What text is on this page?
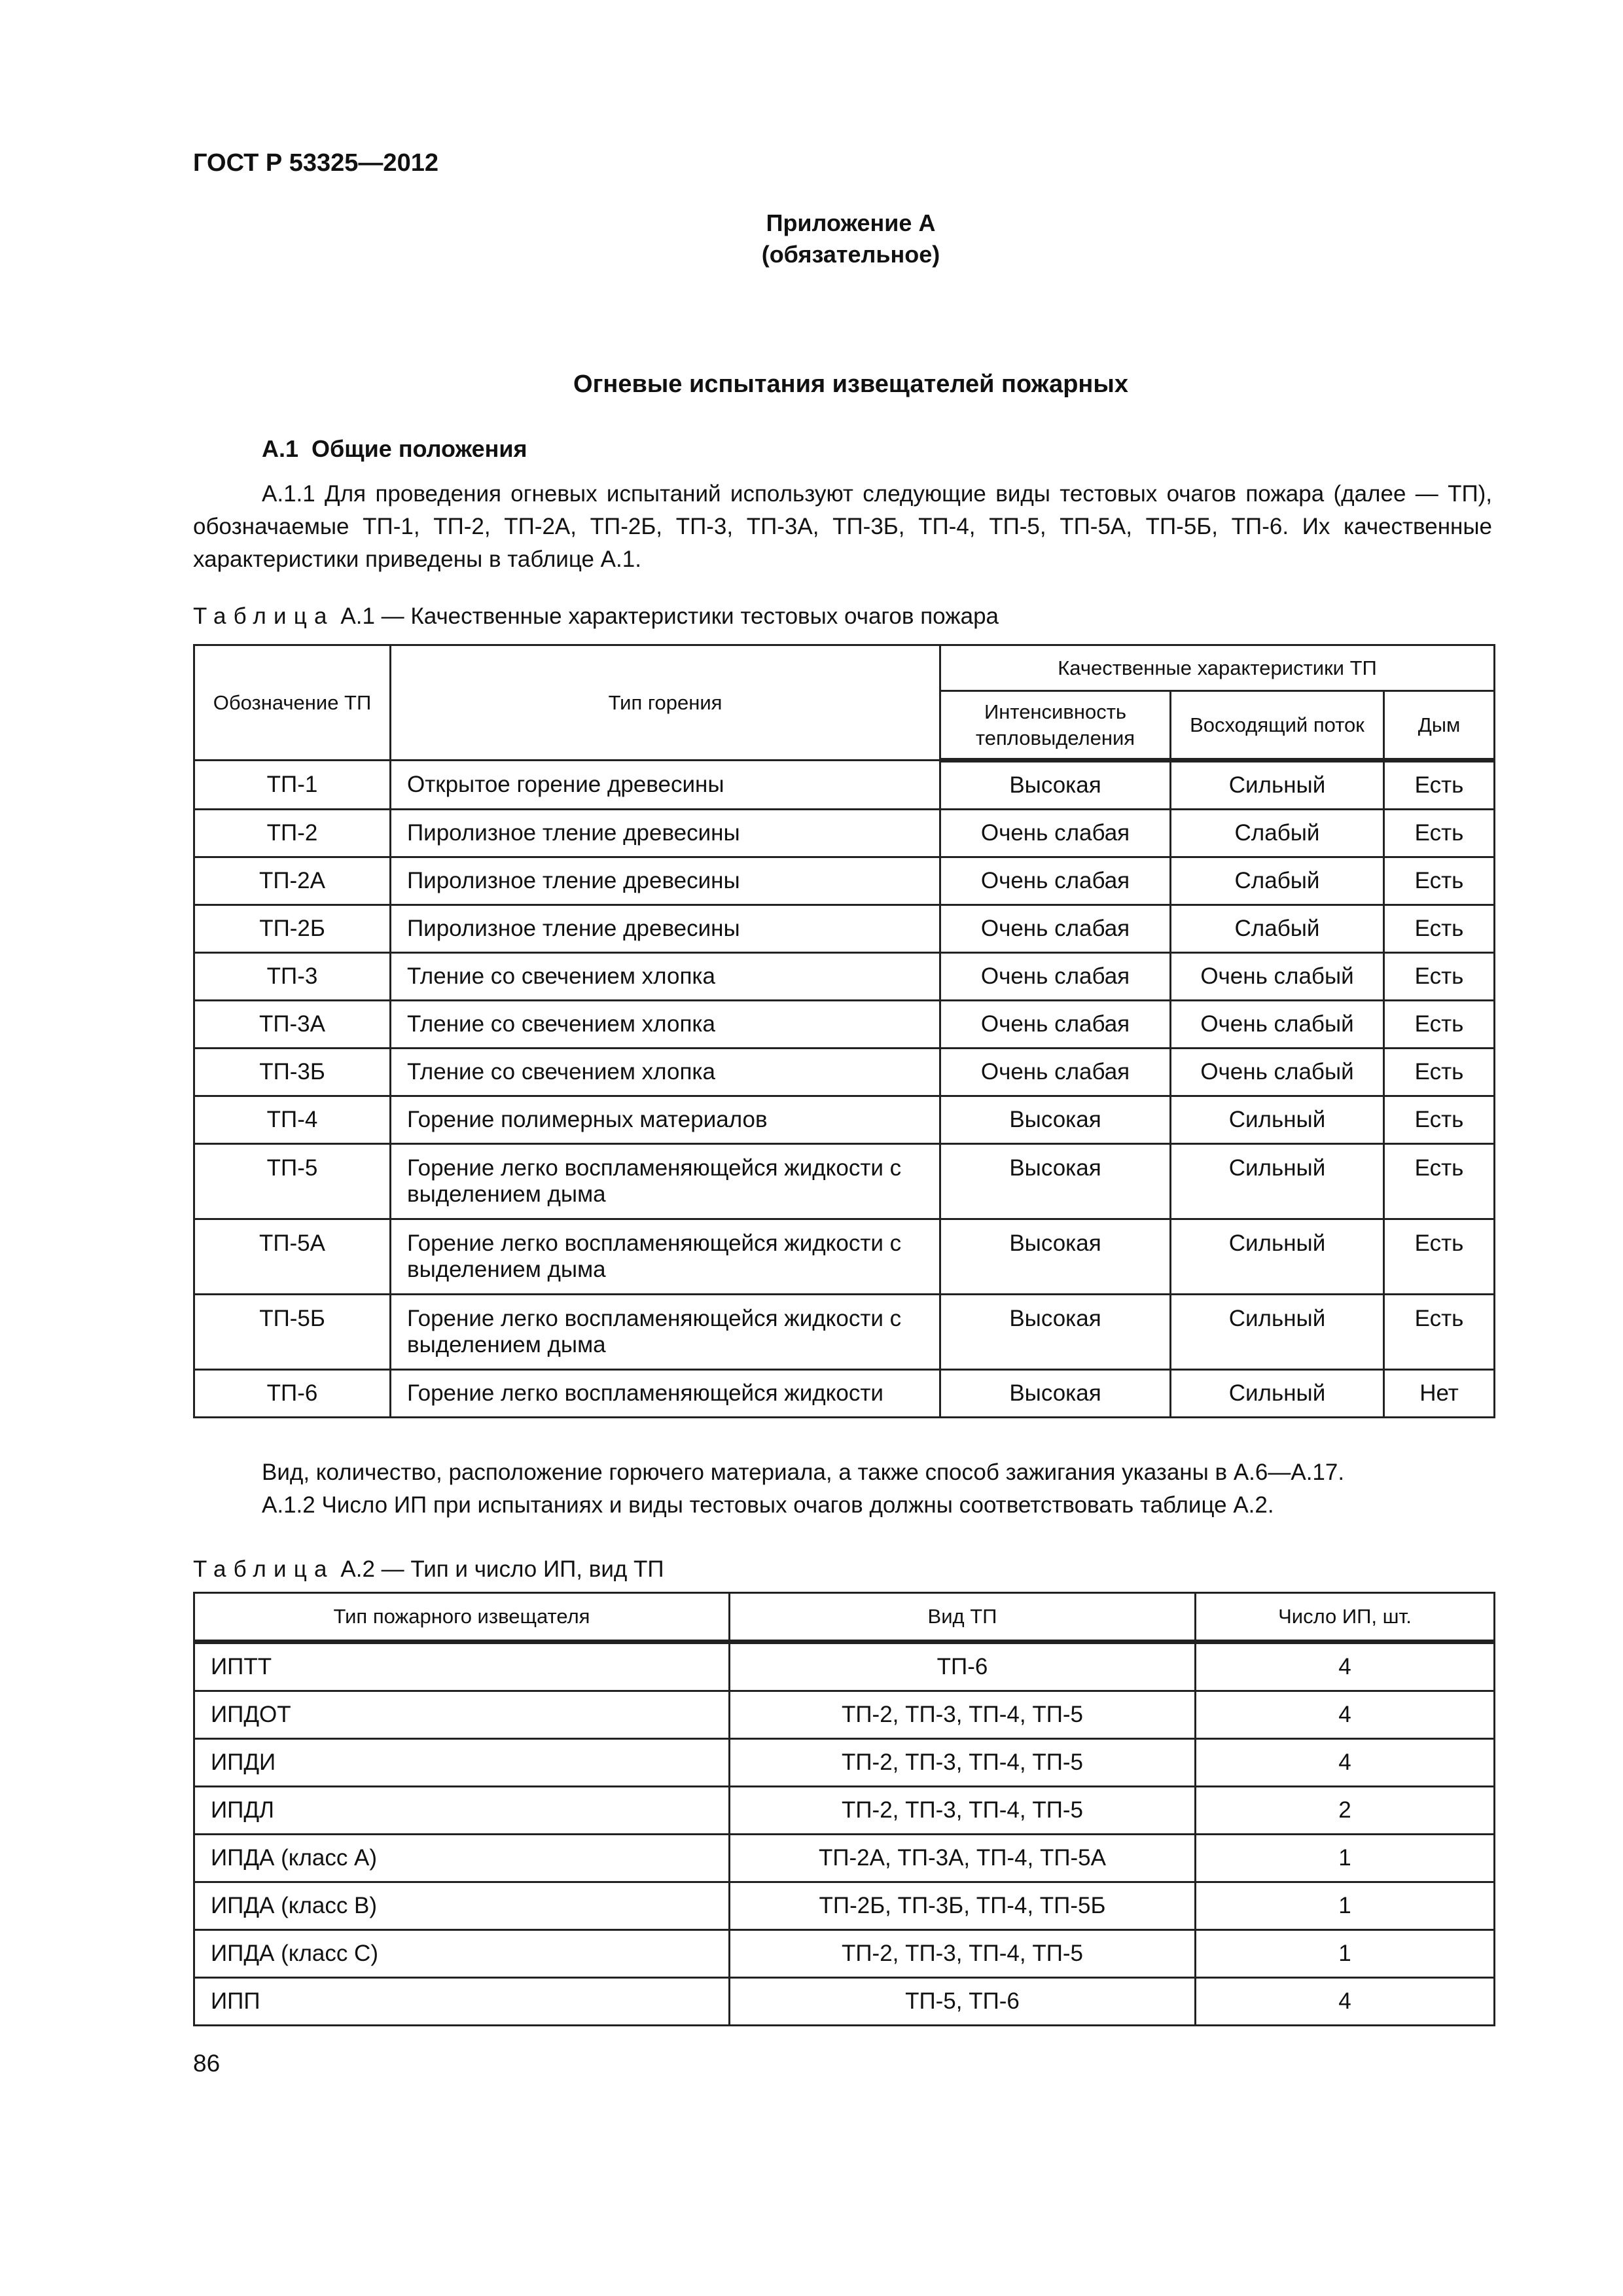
ГОСТ Р 53325—2012
Приложение А
(обязательное)
Огневые испытания извещателей пожарных
А.1 Общие положения
А.1.1 Для проведения огневых испытаний используют следующие виды тестовых очагов пожара (далее — ТП), обозначаемые ТП-1, ТП-2, ТП-2А, ТП-2Б, ТП-3, ТП-3А, ТП-3Б, ТП-4, ТП-5, ТП-5А, ТП-5Б, ТП-6. Их качественные характеристики приведены в таблице А.1.
Таблица А.1 — Качественные характеристики тестовых очагов пожара
Обозначение ТП	Тип горения	Качественные характеристики ТП		
		Интенсивность тепловыделения	Восходящий поток	Дым
ТП-1	Открытое горение древесины	Высокая	Сильный	Есть
ТП-2	Пиролизное тление древесины	Очень слабая	Слабый	Есть
ТП-2А	Пиролизное тление древесины	Очень слабая	Слабый	Есть
ТП-2Б	Пиролизное тление древесины	Очень слабая	Слабый	Есть
ТП-3	Тление со свечением хлопка	Очень слабая	Очень слабый	Есть
ТП-3А	Тление со свечением хлопка	Очень слабая	Очень слабый	Есть
ТП-3Б	Тление со свечением хлопка	Очень слабая	Очень слабый	Есть
ТП-4	Горение полимерных материалов	Высокая	Сильный	Есть
ТП-5	Горение легко воспламеняющейся жидкости с выделением дыма	Высокая	Сильный	Есть
ТП-5А	Горение легко воспламеняющейся жидкости с выделением дыма	Высокая	Сильный	Есть
ТП-5Б	Горение легко воспламеняющейся жидкости с выделением дыма	Высокая	Сильный	Есть
ТП-6	Горение легко воспламеняющейся жидкости	Высокая	Сильный	Нет
Вид, количество, расположение горючего материала, а также способ зажигания указаны в А.6—А.17.
А.1.2 Число ИП при испытаниях и виды тестовых очагов должны соответствовать таблице А.2.
Таблица А.2 — Тип и число ИП, вид ТП
Тип пожарного извещателя	Вид ТП	Число ИП, шт.
ИПТТ	ТП-6	4
ИПДОТ	ТП-2, ТП-3, ТП-4, ТП-5	4
ИПДИ	ТП-2, ТП-3, ТП-4, ТП-5	4
ИПДЛ	ТП-2, ТП-3, ТП-4, ТП-5	2
ИПДА (класс А)	ТП-2А, ТП-3А, ТП-4, ТП-5А	1
ИПДА (класс В)	ТП-2Б, ТП-3Б, ТП-4, ТП-5Б	1
ИПДА (класс С)	ТП-2, ТП-3, ТП-4, ТП-5	1
ИПП	ТП-5, ТП-6	4
86
